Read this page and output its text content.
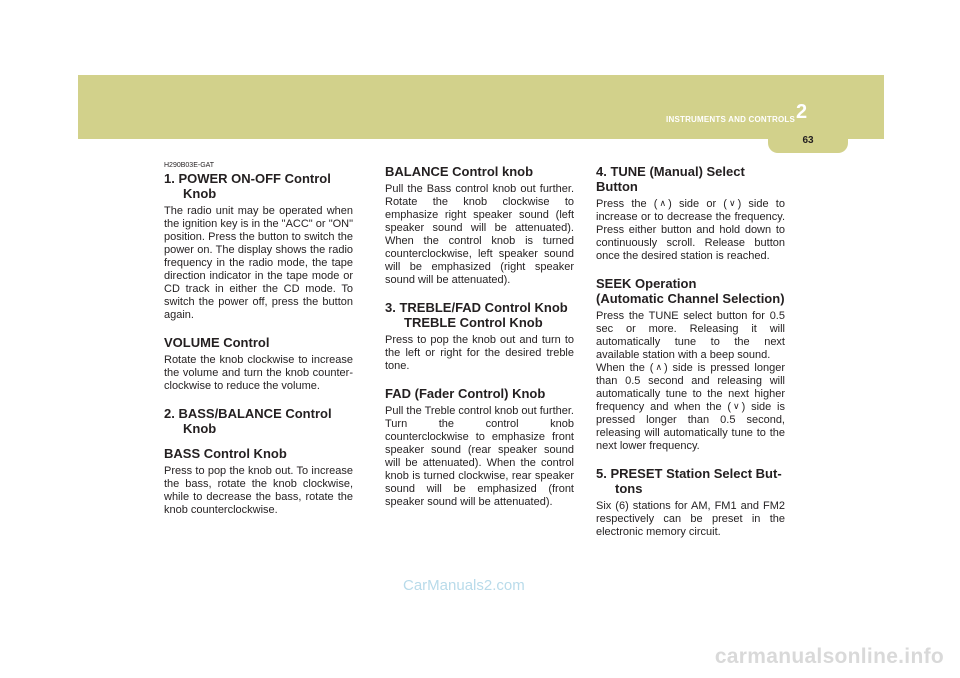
INSTRUMENTS AND CONTROLS 2
63
H290B03E-GAT
1. POWER ON-OFF Control
Knob

The radio unit may be operated when the ignition key is in the "ACC" or "ON" position. Press the button to switch the power on. The display shows the radio frequency in the radio mode, the tape direction indicator in the tape mode or CD track in either the CD mode. To switch the power off, press the button again.

VOLUME Control

Rotate the knob clockwise to increase the volume and turn the knob counter-clockwise to reduce the volume.

2. BASS/BALANCE Control
Knob
BASS Control Knob

Press to pop the knob out. To increase the bass, rotate the knob clockwise, while to decrease the bass, rotate the knob counterclockwise.

BALANCE Control knob

Pull the Bass control knob out further. Rotate the knob clockwise to emphasize right speaker sound (left speaker sound will be attenuated). When the control knob is turned counterclockwise, left speaker sound will be emphasized (right speaker sound will be attenuated).

3. TREBLE/FAD Control Knob
TREBLE Control Knob

Press to pop the knob out and turn to the left or right for the desired treble tone.

FAD (Fader Control) Knob

Pull the Treble control knob out further. Turn the control knob counterclockwise to emphasize front speaker sound (rear speaker sound will be attenuated). When the control knob is turned clockwise, rear speaker sound will be emphasized (front speaker sound will be attenuated).

4. TUNE (Manual) Select Button

Press the ( ∧ ) side or ( ∨ ) side to increase or to decrease the frequency. Press either button and hold down to continuously scroll. Release button once the desired station is reached.

SEEK Operation
(Automatic Channel Selection)

Press the TUNE select button for 0.5 sec or more. Releasing it will automatically tune to the next available station with a beep sound.

When the ( ∧ ) side is pressed longer than 0.5 second and releasing will automatically tune to the next higher frequency and when the ( ∨ ) side is pressed longer than 0.5 second, releasing will automatically tune to the next lower frequency.

5. PRESET Station Select But-
tons

Six (6) stations for AM, FM1 and FM2 respectively can be preset in the electronic memory circuit.

CarManuals2.com
carmanualsonline.info
